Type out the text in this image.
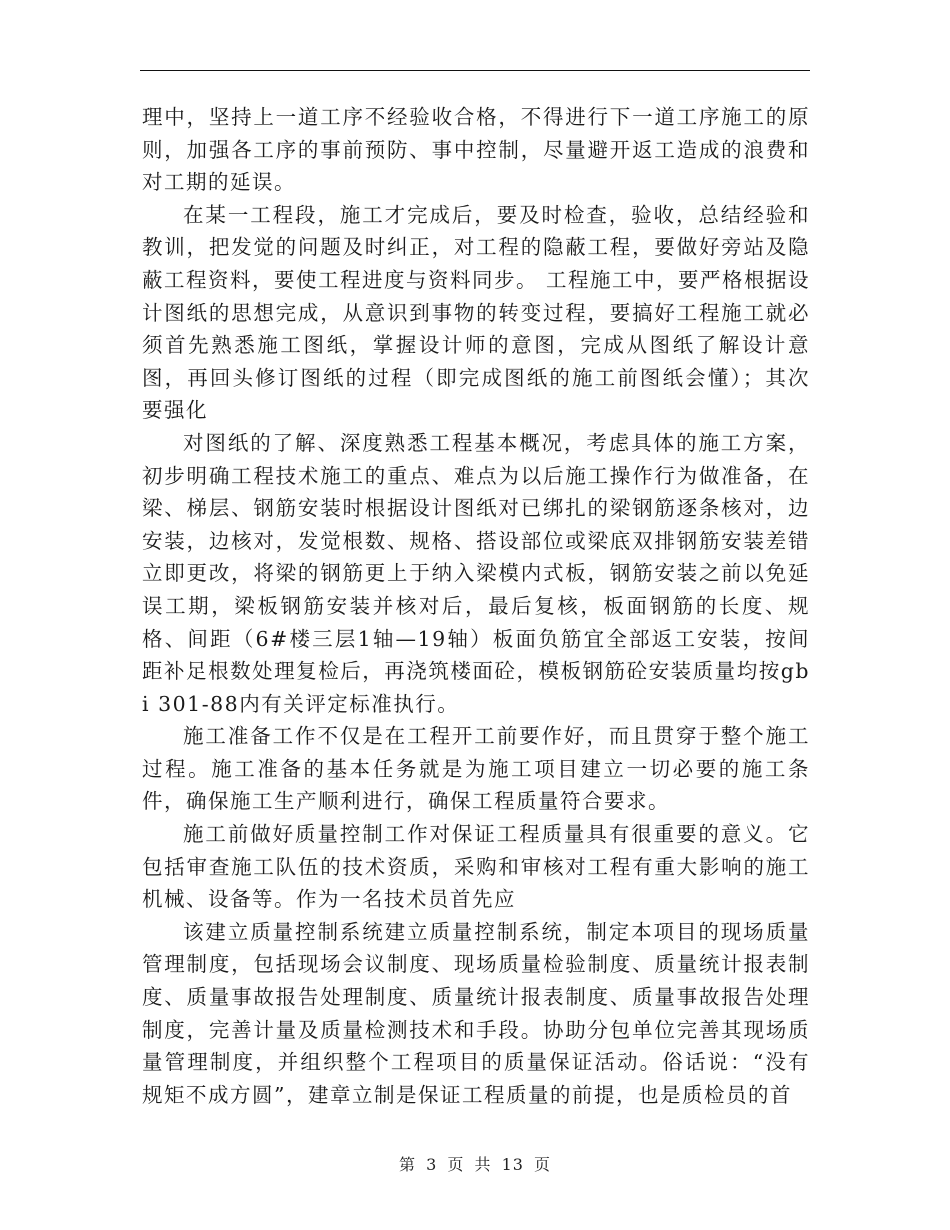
理中，坚持上一道工序不经验收合格，不得进行下一道工序施工的原则，加强各工序的事前预防、事中控制，尽量避开返工造成的浪费和对工期的延误。

在某一工程段，施工才完成后，要及时检查，验收，总结经验和教训，把发觉的问题及时纠正，对工程的隐蔽工程，要做好旁站及隐蔽工程资料，要使工程进度与资料同步。 工程施工中，要严格根据设计图纸的思想完成，从意识到事物的转变过程，要搞好工程施工就必须首先熟悉施工图纸，掌握设计师的意图，完成从图纸了解设计意图，再回头修订图纸的过程（即完成图纸的施工前图纸会懂）；其次要强化

对图纸的了解、深度熟悉工程基本概况，考虑具体的施工方案，初步明确工程技术施工的重点、难点为以后施工操作行为做准备，在梁、梯层、钢筋安装时根据设计图纸对已绑扎的梁钢筋逐条核对，边安装，边核对，发觉根数、规格、搭设部位或梁底双排钢筋安装差错立即更改，将梁的钢筋更上于纳入梁模内式板，钢筋安装之前以免延误工期，梁板钢筋安装并核对后，最后复核，板面钢筋的长度、规格、间距（6#楼三层1轴—19轴）板面负筋宜全部返工安装，按间距补足根数处理复检后，再浇筑楼面砼，模板钢筋砼安装质量均按gbi 301-88内有关评定标准执行。

施工准备工作不仅是在工程开工前要作好，而且贯穿于整个施工过程。施工准备的基本任务就是为施工项目建立一切必要的施工条件，确保施工生产顺利进行，确保工程质量符合要求。

施工前做好质量控制工作对保证工程质量具有很重要的意义。它包括审查施工队伍的技术资质，采购和审核对工程有重大影响的施工机械、设备等。作为一名技术员首先应

该建立质量控制系统建立质量控制系统，制定本项目的现场质量管理制度，包括现场会议制度、现场质量检验制度、质量统计报表制度、质量事故报告处理制度、质量统计报表制度、质量事故报告处理制度，完善计量及质量检测技术和手段。协助分包单位完善其现场质量管理制度，并组织整个工程项目的质量保证活动。俗话说：“没有规矩不成方圆”，建章立制是保证工程质量的前提，也是质检员的首

第 3 页 共 13 页
